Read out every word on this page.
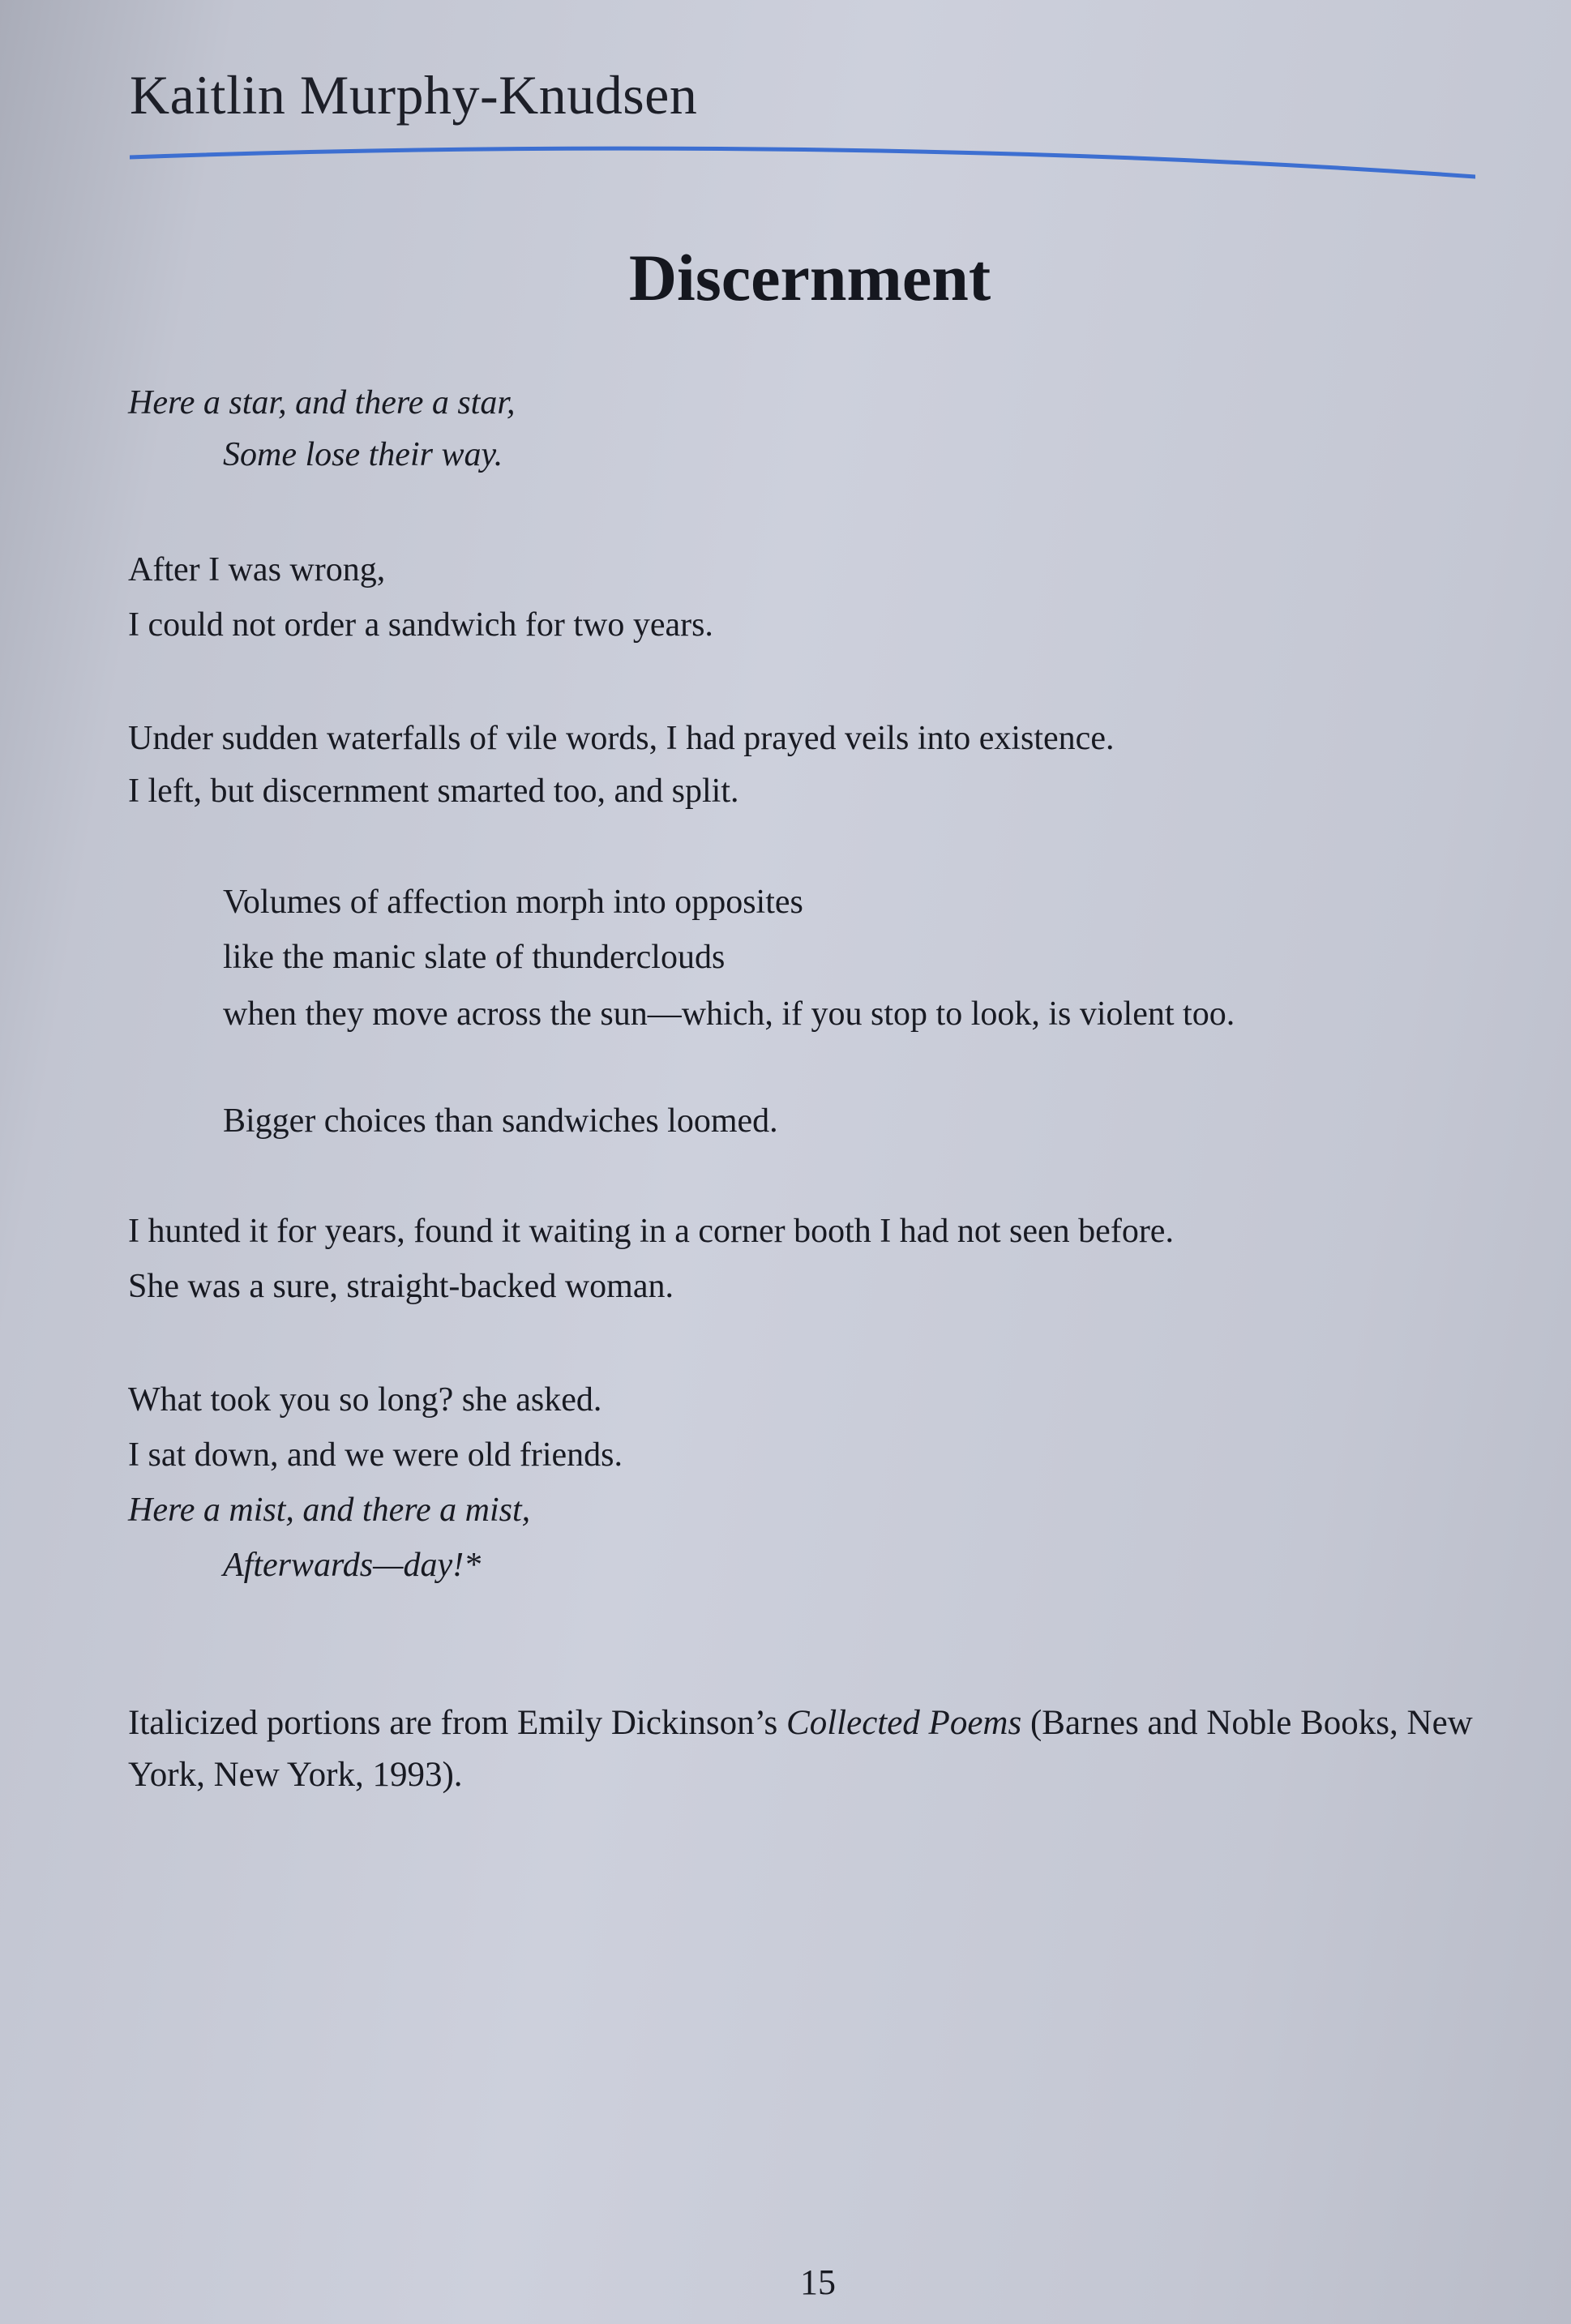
Kaitlin Murphy-Knudsen
Discernment
Here a star, and there a star,
Some lose their way.
After I was wrong,
I could not order a sandwich for two years.
Under sudden waterfalls of vile words, I had prayed veils into existence.
I left, but discernment smarted too, and split.
Volumes of affection morph into opposites
like the manic slate of thunderclouds
when they move across the sun—which, if you stop to look, is violent too.
Bigger choices than sandwiches loomed.
I hunted it for years, found it waiting in a corner booth I had not seen before.
She was a sure, straight-backed woman.
What took you so long? she asked.
I sat down, and we were old friends.
Here a mist, and there a mist,
Afterwards—day!*
Italicized portions are from Emily Dickinson’s Collected Poems (Barnes and Noble Books, New York, New York, 1993).
15
